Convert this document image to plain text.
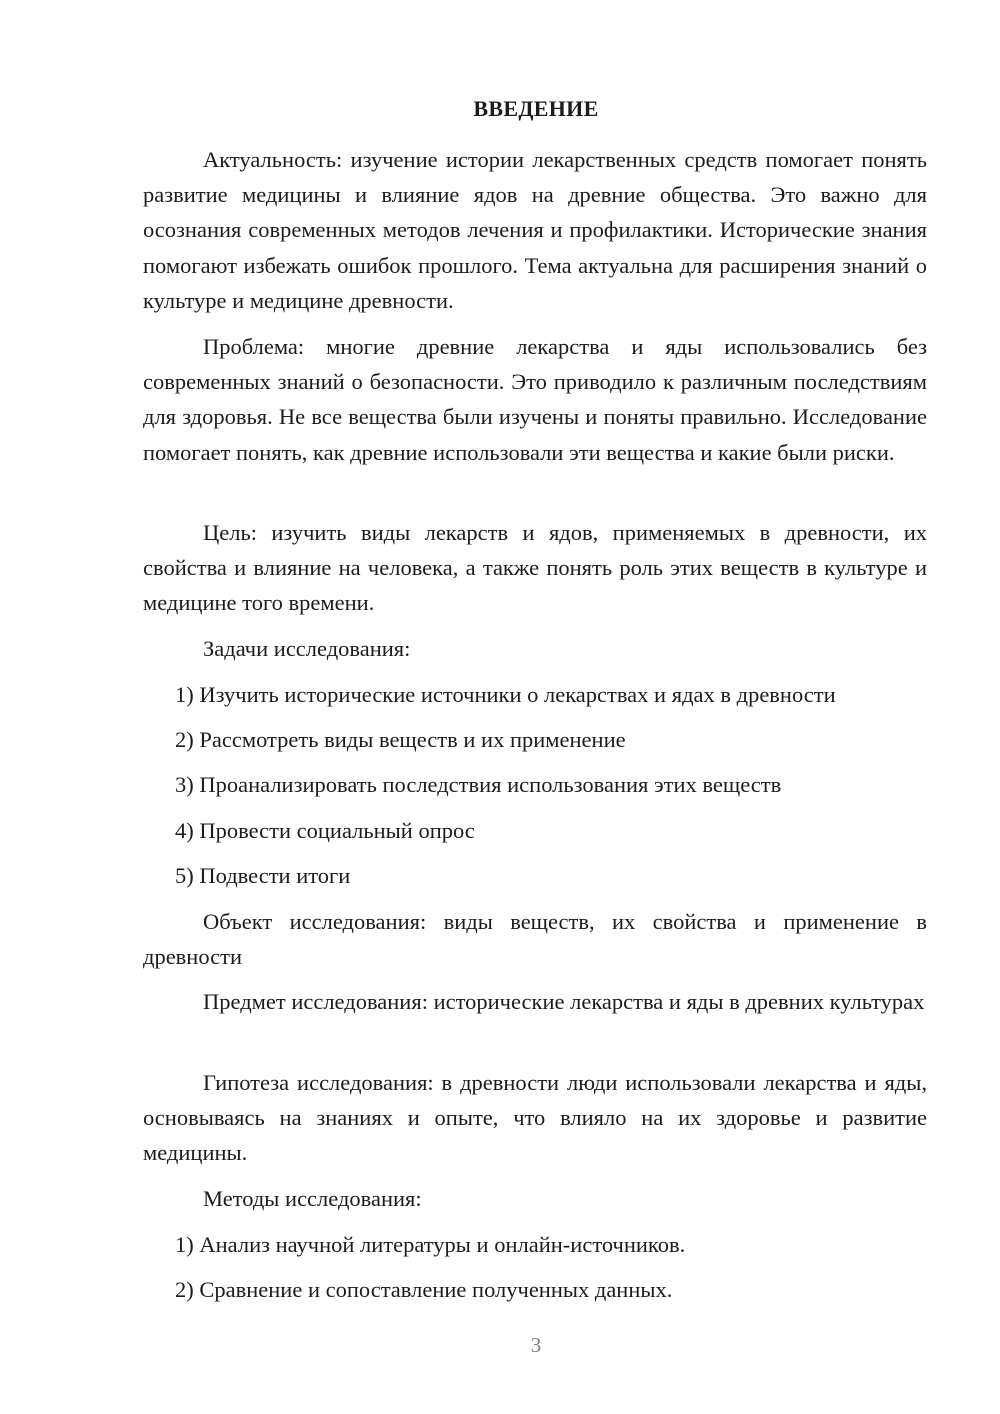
ВВЕДЕНИЕ

Актуальность: изучение истории лекарственных средств помогает понять развитие медицины и влияние ядов на древние общества. Это важно для осознания современных методов лечения и профилактики. Исторические знания помогают избежать ошибок прошлого. Тема актуальна для расширения знаний о культуре и медицине древности.

Проблема: многие древние лекарства и яды использовались без современных знаний о безопасности. Это приводило к различным последствиям для здоровья. Не все вещества были изучены и поняты правильно. Исследование помогает понять, как древние использовали эти вещества и какие были риски.

Цель: изучить виды лекарств и ядов, применяемых в древности, их свойства и влияние на человека, а также понять роль этих веществ в культуре и медицине того времени.

Задачи исследования:

1) Изучить исторические источники о лекарствах и ядах в древности

2) Рассмотреть виды веществ и их применение

3) Проанализировать последствия использования этих веществ

4) Провести социальный опрос

5) Подвести итоги

Объект исследования: виды веществ, их свойства и применение в древности

Предмет исследования: исторические лекарства и яды в древних культурах

Гипотеза исследования: в древности люди использовали лекарства и яды, основываясь на знаниях и опыте, что влияло на их здоровье и развитие медицины.

Методы исследования:

1) Анализ научной литературы и онлайн-источников.

2) Сравнение и сопоставление полученных данных.

3
